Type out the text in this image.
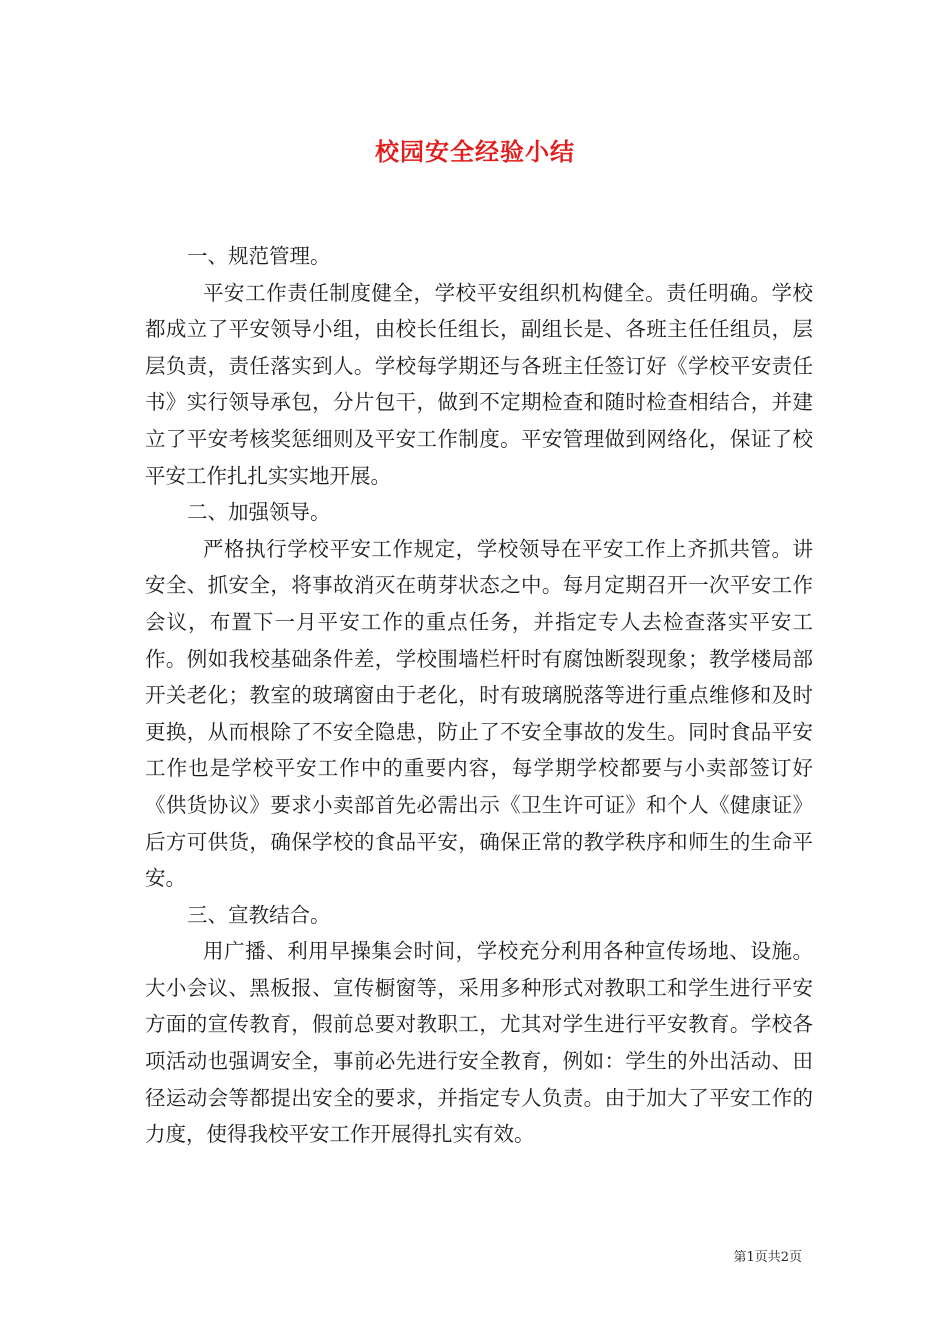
校园安全经验小结

一、规范管理。

平安工作责任制度健全，学校平安组织机构健全。责任明确。学校都成立了平安领导小组，由校长任组长，副组长是、各班主任任组员，层层负责，责任落实到人。学校每学期还与各班主任签订好《学校平安责任书》实行领导承包，分片包干，做到不定期检查和随时检查相结合，并建立了平安考核奖惩细则及平安工作制度。平安管理做到网络化，保证了校平安工作扎扎实实地开展。

二、加强领导。

严格执行学校平安工作规定，学校领导在平安工作上齐抓共管。讲安全、抓安全，将事故消灭在萌芽状态之中。每月定期召开一次平安工作会议，布置下一月平安工作的重点任务，并指定专人去检查落实平安工作。例如我校基础条件差，学校围墙栏杆时有腐蚀断裂现象；教学楼局部开关老化；教室的玻璃窗由于老化，时有玻璃脱落等进行重点维修和及时更换，从而根除了不安全隐患，防止了不安全事故的发生。同时食品平安工作也是学校平安工作中的重要内容，每学期学校都要与小卖部签订好《供货协议》要求小卖部首先必需出示《卫生许可证》和个人《健康证》后方可供货，确保学校的食品平安，确保正常的教学秩序和师生的生命平安。

三、宣教结合。

用广播、利用早操集会时间，学校充分利用各种宣传场地、设施。大小会议、黑板报、宣传橱窗等，采用多种形式对教职工和学生进行平安方面的宣传教育，假前总要对教职工，尤其对学生进行平安教育。学校各项活动也强调安全，事前必先进行安全教育，例如：学生的外出活动、田径运动会等都提出安全的要求，并指定专人负责。由于加大了平安工作的力度，使得我校平安工作开展得扎实有效。

第1页共2页
